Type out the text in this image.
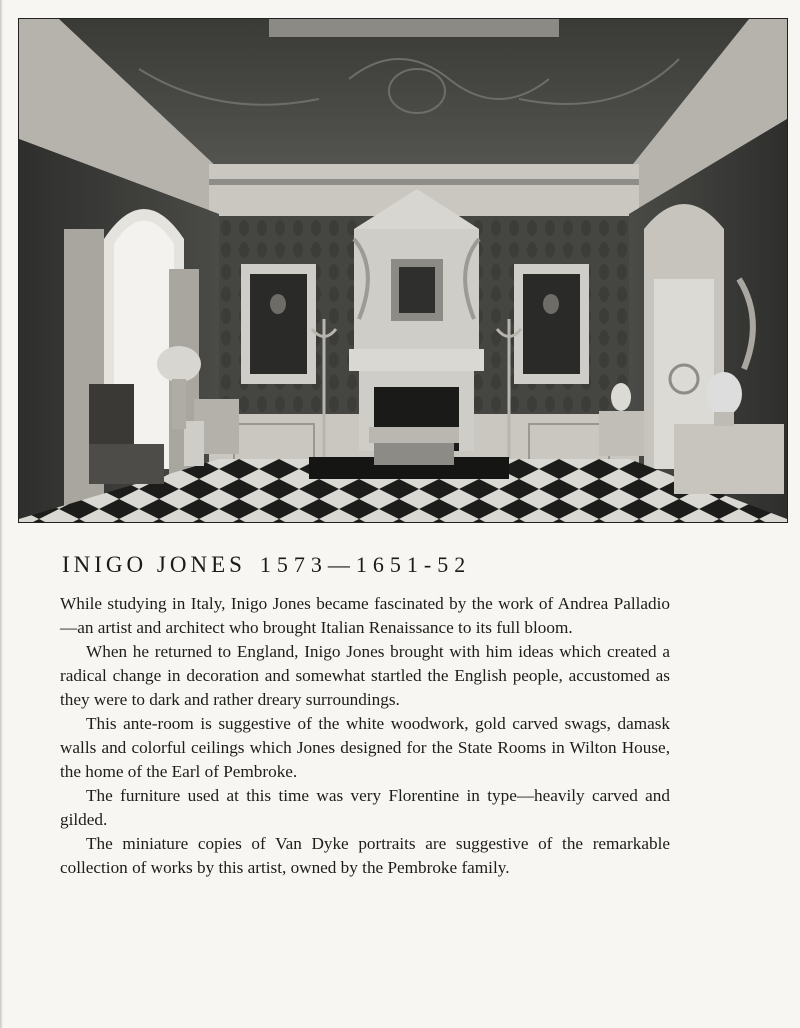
INIGO JONES 1573—1651-52

While studying in Italy, Inigo Jones became fascinated by the work of Andrea Palladio—an artist and architect who brought Italian Renaissance to its full bloom.

When he returned to England, Inigo Jones brought with him ideas which created a radical change in decoration and somewhat startled the English people, accustomed as they were to dark and rather dreary surroundings.

This ante-room is suggestive of the white woodwork, gold carved swags, damask walls and colorful ceilings which Jones designed for the State Rooms in Wilton House, the home of the Earl of Pembroke.

The furniture used at this time was very Florentine in type—heavily carved and gilded.

The miniature copies of Van Dyke portraits are suggestive of the remarkable collection of works by this artist, owned by the Pembroke family.
